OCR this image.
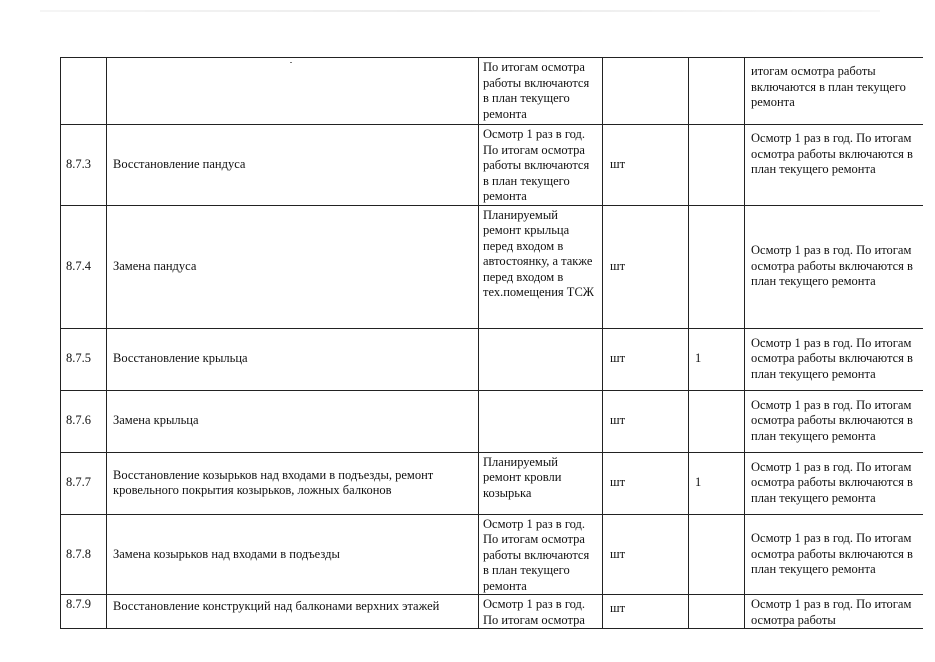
		По итогам осмотра работы включаются в план текущего ремонта			итогам осмотра работы включаются в план текущего ремонта
8.7.3	Восстановление пандуса	Осмотр 1 раз в год. По итогам осмотра работы включаются в план текущего ремонта	шт		Осмотр 1 раз в год. По итогам осмотра работы включаются в план текущего ремонта
8.7.4	Замена пандуса	Планируемый ремонт крыльца перед входом в автостоянку, а также перед входом в тех.помещения ТСЖ	шт		Осмотр 1 раз в год. По итогам осмотра работы включаются в план текущего ремонта
8.7.5	Восстановление крыльца		шт	1	Осмотр 1 раз в год. По итогам осмотра работы включаются в план текущего ремонта
8.7.6	Замена крыльца		шт		Осмотр 1 раз в год. По итогам осмотра работы включаются в план текущего ремонта
8.7.7	Восстановление козырьков над входами в подъезды, ремонт кровельного покрытия козырьков, ложных балконов	Планируемый ремонт кровли козырька	шт	1	Осмотр 1 раз в год. По итогам осмотра работы включаются в план текущего ремонта
8.7.8	Замена козырьков над входами в подъезды	Осмотр 1 раз в год. По итогам осмотра работы включаются в план текущего ремонта	шт		Осмотр 1 раз в год. По итогам осмотра работы включаются в план текущего ремонта
8.7.9	Восстановление конструкций над балконами верхних этажей	Осмотр 1 раз в год. По итогам осмотра	шт		Осмотр 1 раз в год. По итогам осмотра работы
